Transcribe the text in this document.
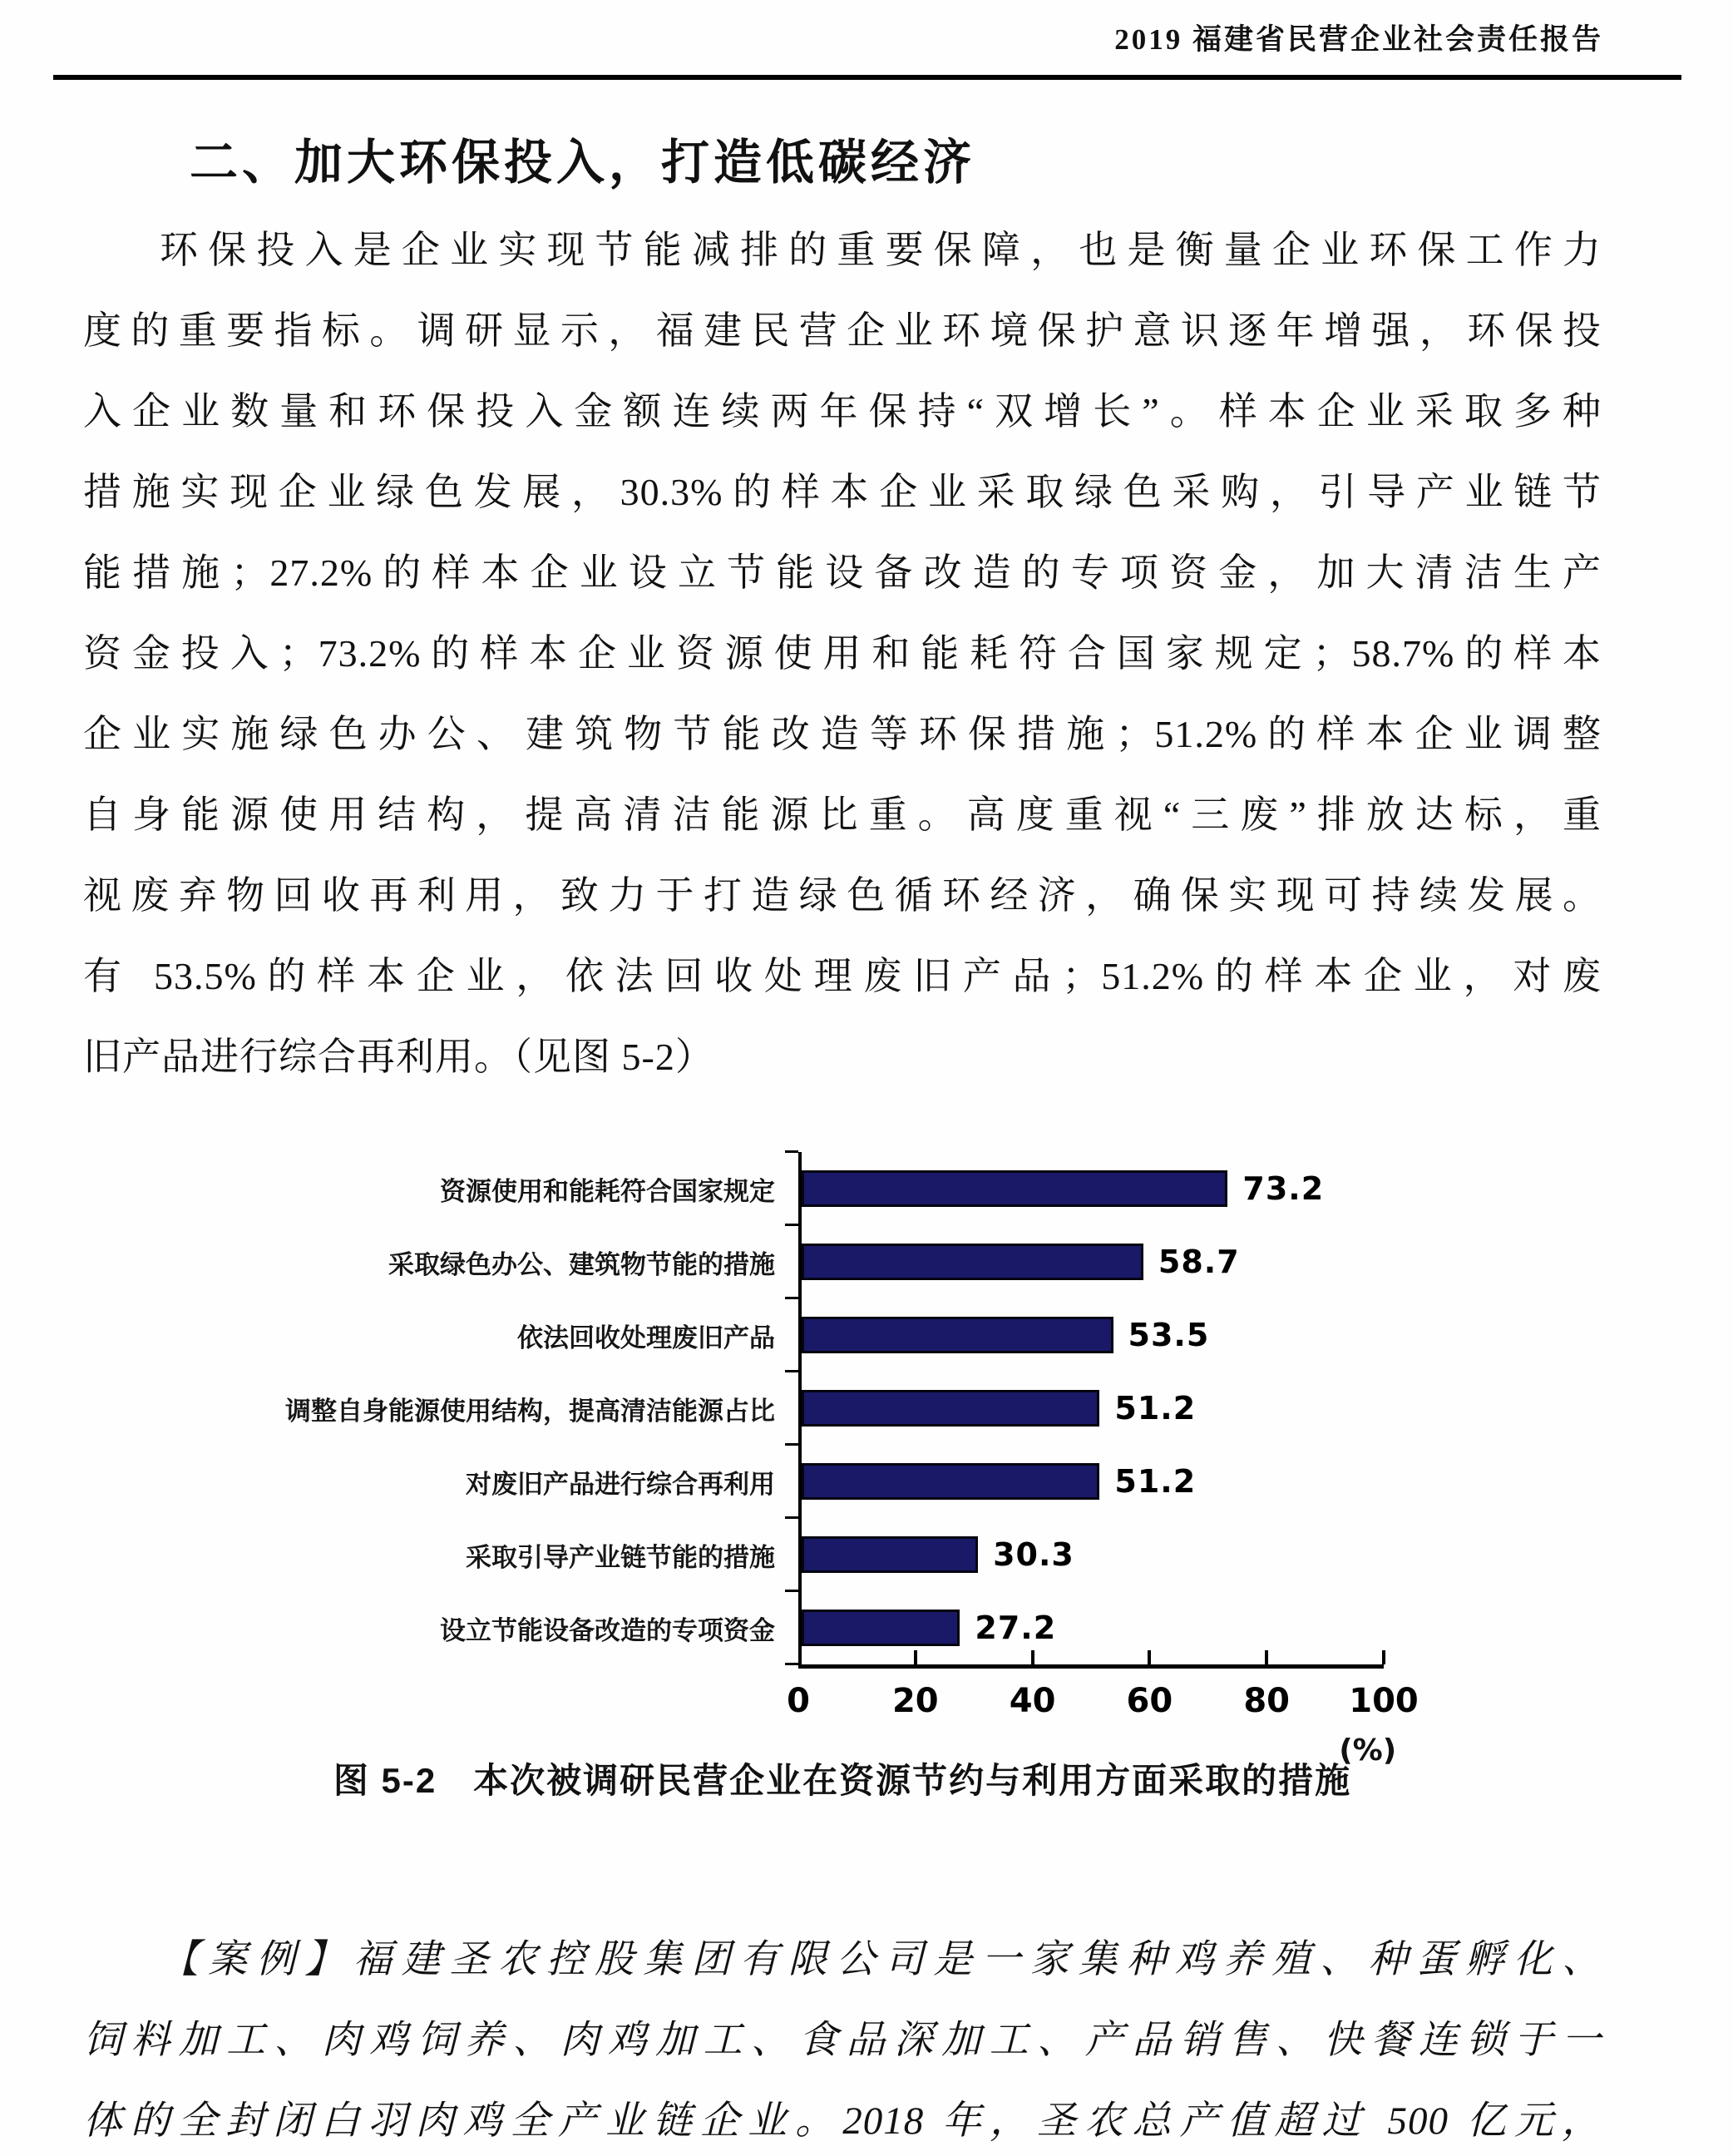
2019 福建省民营企业社会责任报告
二、加大环保投入，打造低碳经济
环保投入是企业实现节能减排的重要保障，也是衡量企业环保工作力
度的重要指标。调研显示，福建民营企业环境保护意识逐年增强，环保投
入企业数量和环保投入金额连续两年保持“双增长”。样本企业采取多种
措施实现企业绿色发展，30.3%的样本企业采取绿色采购，引导产业链节
能措施；27.2%的样本企业设立节能设备改造的专项资金，加大清洁生产
资金投入；73.2%的样本企业资源使用和能耗符合国家规定；58.7%的样本
企业实施绿色办公、建筑物节能改造等环保措施；51.2%的样本企业调整
自身能源使用结构，提高清洁能源比重。高度重视“三废”排放达标，重
视废弃物回收再利用，致力于打造绿色循环经济，确保实现可持续发展。
有 53.5%的样本企业，依法回收处理废旧产品；51.2%的样本企业，对废
旧产品进行综合再利用。（见图 5-2）
资源使用和能耗符合国家规定	73.2
采取绿色办公、建筑物节能的措施	58.7
依法回收处理废旧产品	53.5
调整自身能源使用结构，提高清洁能源占比	51.2
对废旧产品进行综合再利用	51.2
采取引导产业链节能的措施	30.3
设立节能设备改造的专项资金	27.2
(%)
0 20 40 60 80 100
图 5-2　本次被调研民营企业在资源节约与利用方面采取的措施
【案例】福建圣农控股集团有限公司是一家集种鸡养殖、种蛋孵化、
饲料加工、肉鸡饲养、肉鸡加工、食品深加工、产品销售、快餐连锁于一
体的全封闭白羽肉鸡全产业链企业。2018 年，圣农总产值超过 500 亿元，
